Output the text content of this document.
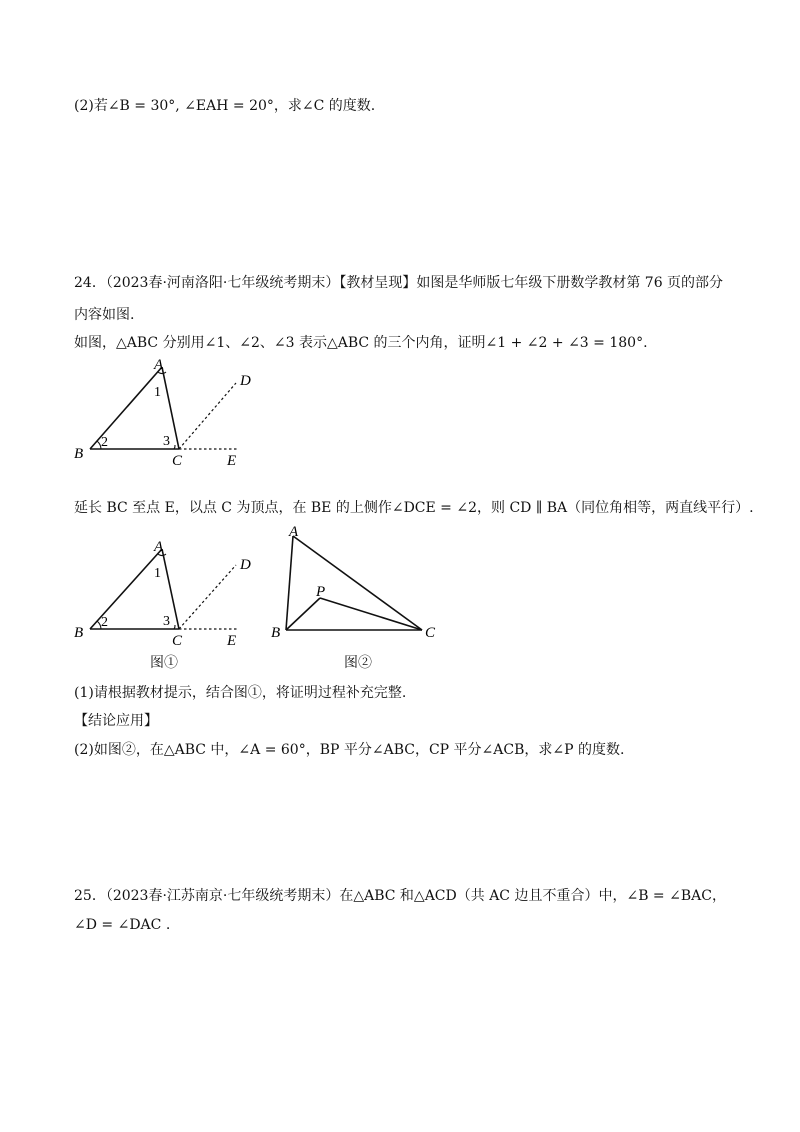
(2)若∠B = 30°, ∠EAH = 20°，求∠C 的度数.
24．（2023春·河南洛阳·七年级统考期末）【教材呈现】如图是华师版七年级下册数学教材第 76 页的部分
内容如图.
如图，△ABC 分别用∠1、∠2、∠3 表示△ABC 的三个内角，证明∠1 + ∠2 + ∠3 = 180°.
A
B	C
D
E
1
2	3
延长 BC 至点 E，以点 C 为顶点，在 BE 的上侧作∠DCE = ∠2，则 CD ∥ BA（同位角相等，两直线平行）.
A
B	C
D
E
1
2	3
图①
A
B	C
P
图②
(1)请根据教材提示，结合图①，将证明过程补充完整.
【结论应用】
(2)如图②，在△ABC 中，∠A = 60°，BP 平分∠ABC，CP 平分∠ACB，求∠P 的度数.
25．（2023春·江苏南京·七年级统考期末）在△ABC 和△ACD（共 AC 边且不重合）中，∠B = ∠BAC，
∠D = ∠DAC .
